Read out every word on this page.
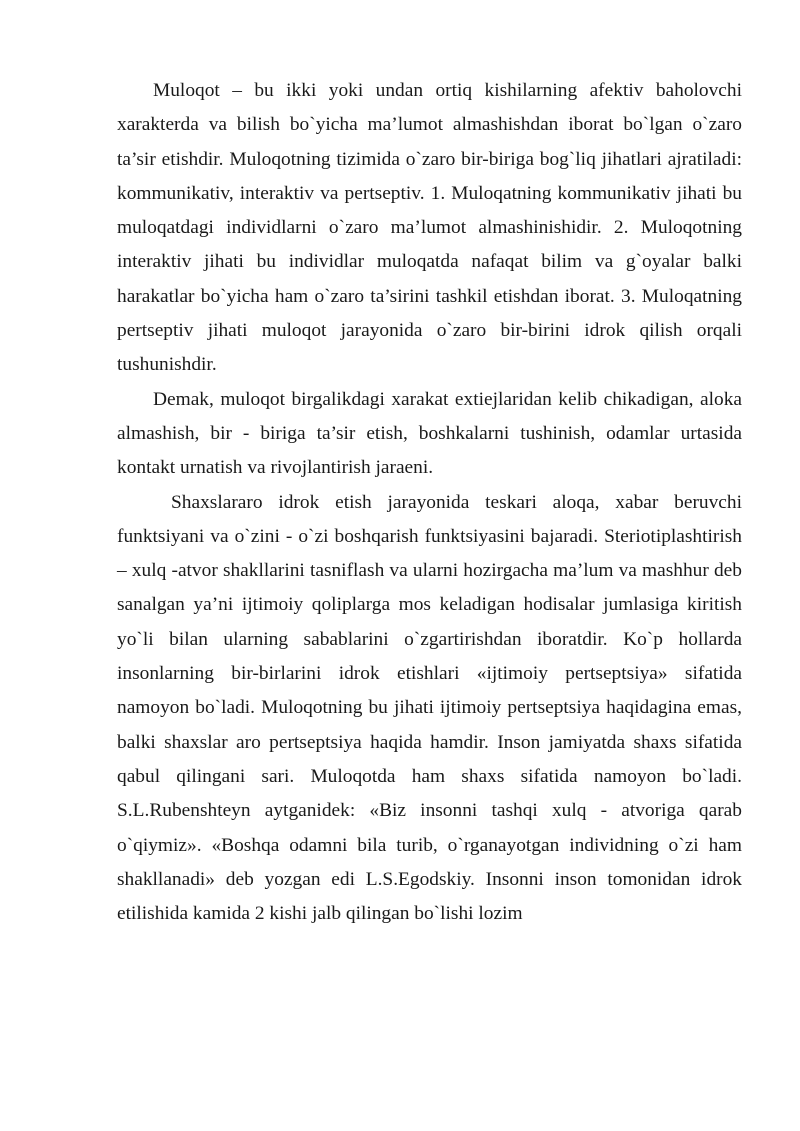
Muloqot – bu ikki yoki undan ortiq kishilarning afektiv baholovchi xarakterda va bilish bo`yicha ma’lumot almashishdan iborat bo`lgan o`zaro ta’sir etishdir. Muloqotning tizimida o`zaro bir-biriga bog`liq jihatlari ajratiladi: kommunikativ, interaktiv va pertseptiv. 1. Muloqatning kommunikativ jihati bu muloqatdagi individlarni o`zaro ma’lumot almashinishidir. 2. Muloqotning interaktiv jihati bu individlar muloqatda nafaqat bilim va g`oyalar balki harakatlar bo`yicha ham o`zaro ta’sirini tashkil etishdan iborat. 3. Muloqatning pertseptiv jihati muloqot jarayonida o`zaro bir-birini idrok qilish orqali tushunishdir.

Demak, muloqot birgalikdagi xarakat extiejlaridan kelib chikadigan, aloka almashish, bir - biriga ta’sir etish, boshkalarni tushinish, odamlar urtasida kontakt urnatish va rivojlantirish jaraeni.

Shaxslararo idrok etish jarayonida teskari aloqa, xabar beruvchi funktsiyani va o`zini - o`zi boshqarish funktsiyasini bajaradi. Steriotiplashtirish – xulq -atvor shakllarini tasniflash va ularni hozirgacha ma’lum va mashhur deb sanalgan ya’ni ijtimoiy qoliplarga mos keladigan hodisalar jumlasiga kiritish yo`li bilan ularning sabablarini o`zgartirishdan iboratdir. Ko`p hollarda insonlarning bir-birlarini idrok etishlari «ijtimoiy pertseptsiya» sifatida namoyon bo`ladi. Muloqotning bu jihati ijtimoiy pertseptsiya haqidagina emas, balki shaxslar aro pertseptsiya haqida hamdir. Inson jamiyatda shaxs sifatida qabul qilingani sari. Muloqotda ham shaxs sifatida namoyon bo`ladi. S.L.Rubenshteyn aytganidek: «Biz insonni tashqi xulq - atvoriga qarab o`qiymiz». «Boshqa odamni bila turib, o`rganayotgan individning o`zi ham shakllanadi» deb yozgan edi L.S.Egodskiy. Insonni inson tomonidan idrok etilishida kamida 2 kishi jalb qilingan bo`lishi lozim
